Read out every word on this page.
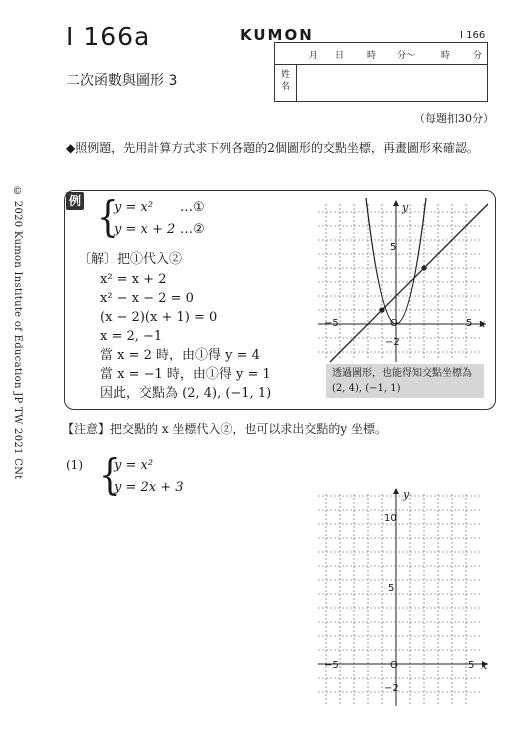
I 166a	KUMON	I 166
二次函數與圖形 3
月 日	時 分～	時	分
姓名
（每題扣30分）
◆照例題，先用計算方式求下列各題的2個圖形的交點坐標，再畫圖形來確認。
© 2020 Kumon Institute of Education JP TW 2021 CNt	例 {
y = x² …①
y = x + 2 …②
〔解〕把①代入②
x² = x + 2
x² − x − 2 = 0
(x − 2)(x + 1) = 0
x = 2, −1
當 x = 2 時，由①得 y = 4
當 x = −1 時，由①得 y = 1
因此，交點為 (2, 4), (−1, 1)
−5	5 x
O
5
−2
y
透過圖形，也能得知交點坐標為
(2, 4), (−1, 1)
【注意】把交點的 x 坐標代入②，也可以求出交點的y 坐標。
(1) {
y = x²
y = 2x + 3
−5	5 x
O
10
5
−2
y
